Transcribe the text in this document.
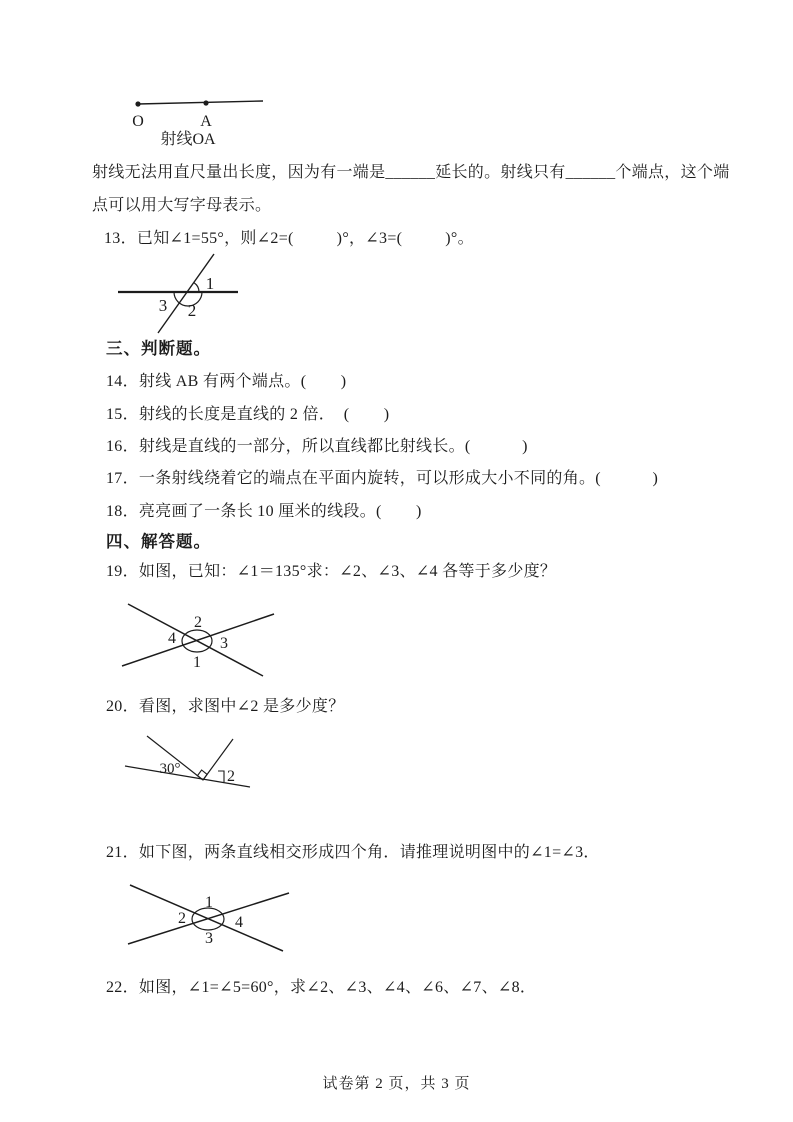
O	A
射线OA
射线无法用直尺量出长度，因为有一端是______延长的。射线只有______个端点，这个端
点可以用大写字母表示。
13．已知∠1=55°，则∠2=(          )°，∠3=(          )°。
1
3 2
三、判断题。
14．射线 AB 有两个端点。(        )
15．射线的长度是直线的 2 倍．  (        )
16．射线是直线的一部分，所以直线都比射线长。(            )
17．一条射线绕着它的端点在平面内旋转，可以形成大小不同的角。(            )
18．亮亮画了一条长 10 厘米的线段。(        )
四、解答题。
19．如图，已知：∠1＝135°求：∠2、∠3、∠4 各等于多少度？
2
4	3
1
20．看图，求图中∠2 是多少度？
30°	2
21．如下图，两条直线相交形成四个角．请推理说明图中的∠1=∠3．
1
2	4
3
22．如图，∠1=∠5=60°，求∠2、∠3、∠4、∠6、∠7、∠8．
试卷第 2 页，共 3 页
